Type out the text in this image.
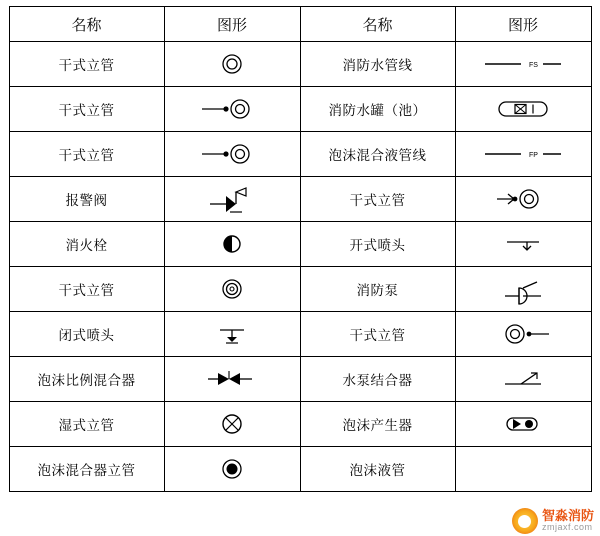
名称	图形	名称	图形
干式立管		消防水管线	FS

干式立管		消防水罐（池）	

干式立管		泡沫混合液管线	FP

报警阀		干式立管	

消火栓		开式喷头	

干式立管		消防泵	

闭式喷头		干式立管	

泡沫比例混合器		水泵结合器	

湿式立管		泡沫产生器	

泡沫混合器立管		泡沫液管	
智淼消防
zmjaxf.com
